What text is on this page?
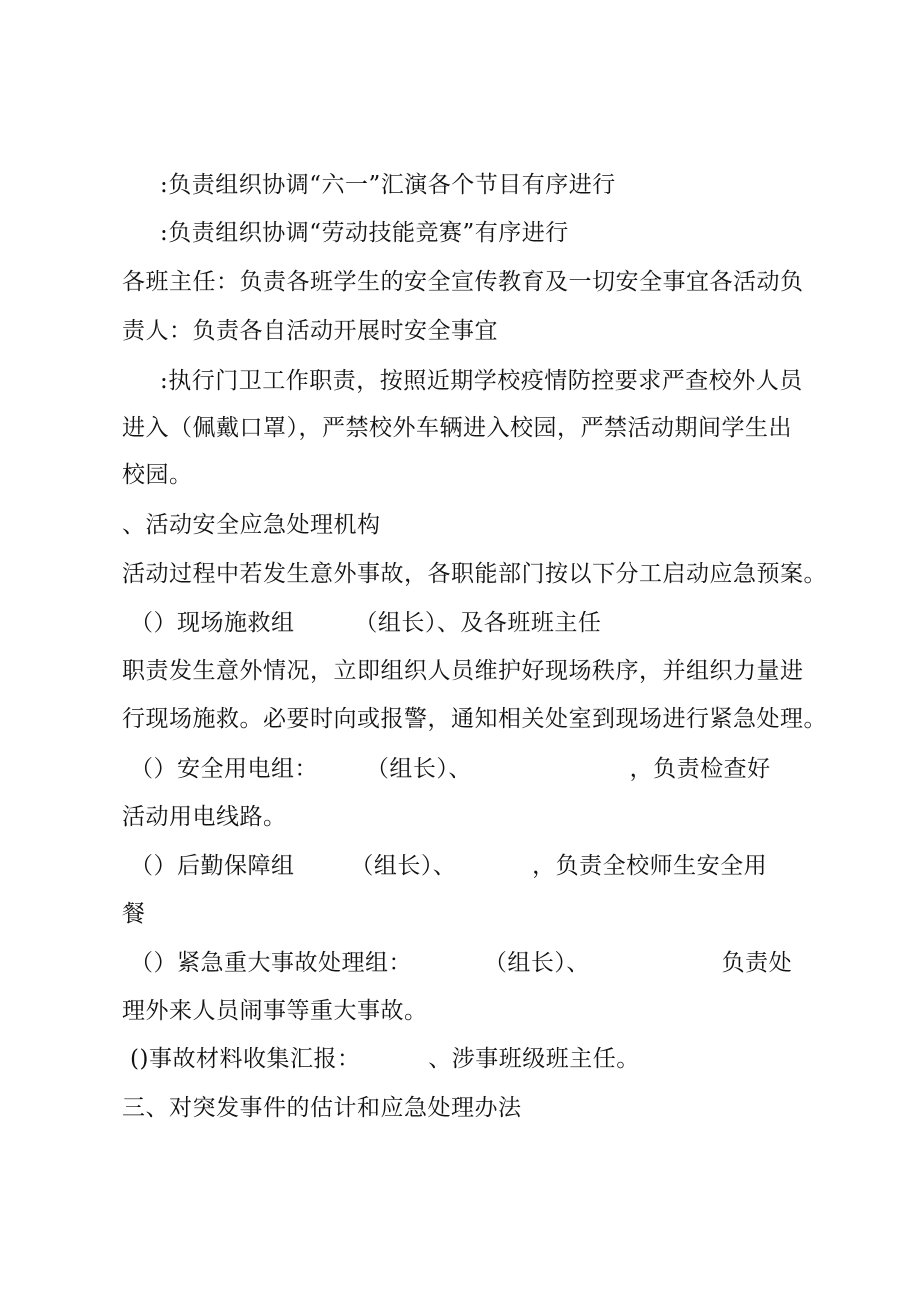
:负责组织协调“六一”汇演各个节目有序进行
:负责组织协调“劳动技能竞赛”有序进行
各班主任：负责各班学生的安全宣传教育及一切安全事宜各活动负
责人：负责各自活动开展时安全事宜
:执行门卫工作职责，按照近期学校疫情防控要求严查校外人员
进入（佩戴口罩），严禁校外车辆进入校园，严禁活动期间学生出
校园。
、活动安全应急处理机构
活动过程中若发生意外事故，各职能部门按以下分工启动应急预案。
（）现场施救组	（组长）、及各班班主任
职责发生意外情况，立即组织人员维护好现场秩序，并组织力量进
行现场施救。必要时向或报警，通知相关处室到现场进行紧急处理。
（）安全用电组： （组长）、	，负责检查好
活动用电线路。
（）后勤保障组 （组长）、	，负责全校师生安全用
餐
（）紧急重大事故处理组：	（组长）、	负责处
理外来人员闹事等重大事故。
()事故材料收集汇报：	、涉事班级班主任。
三、对突发事件的估计和应急处理办法
